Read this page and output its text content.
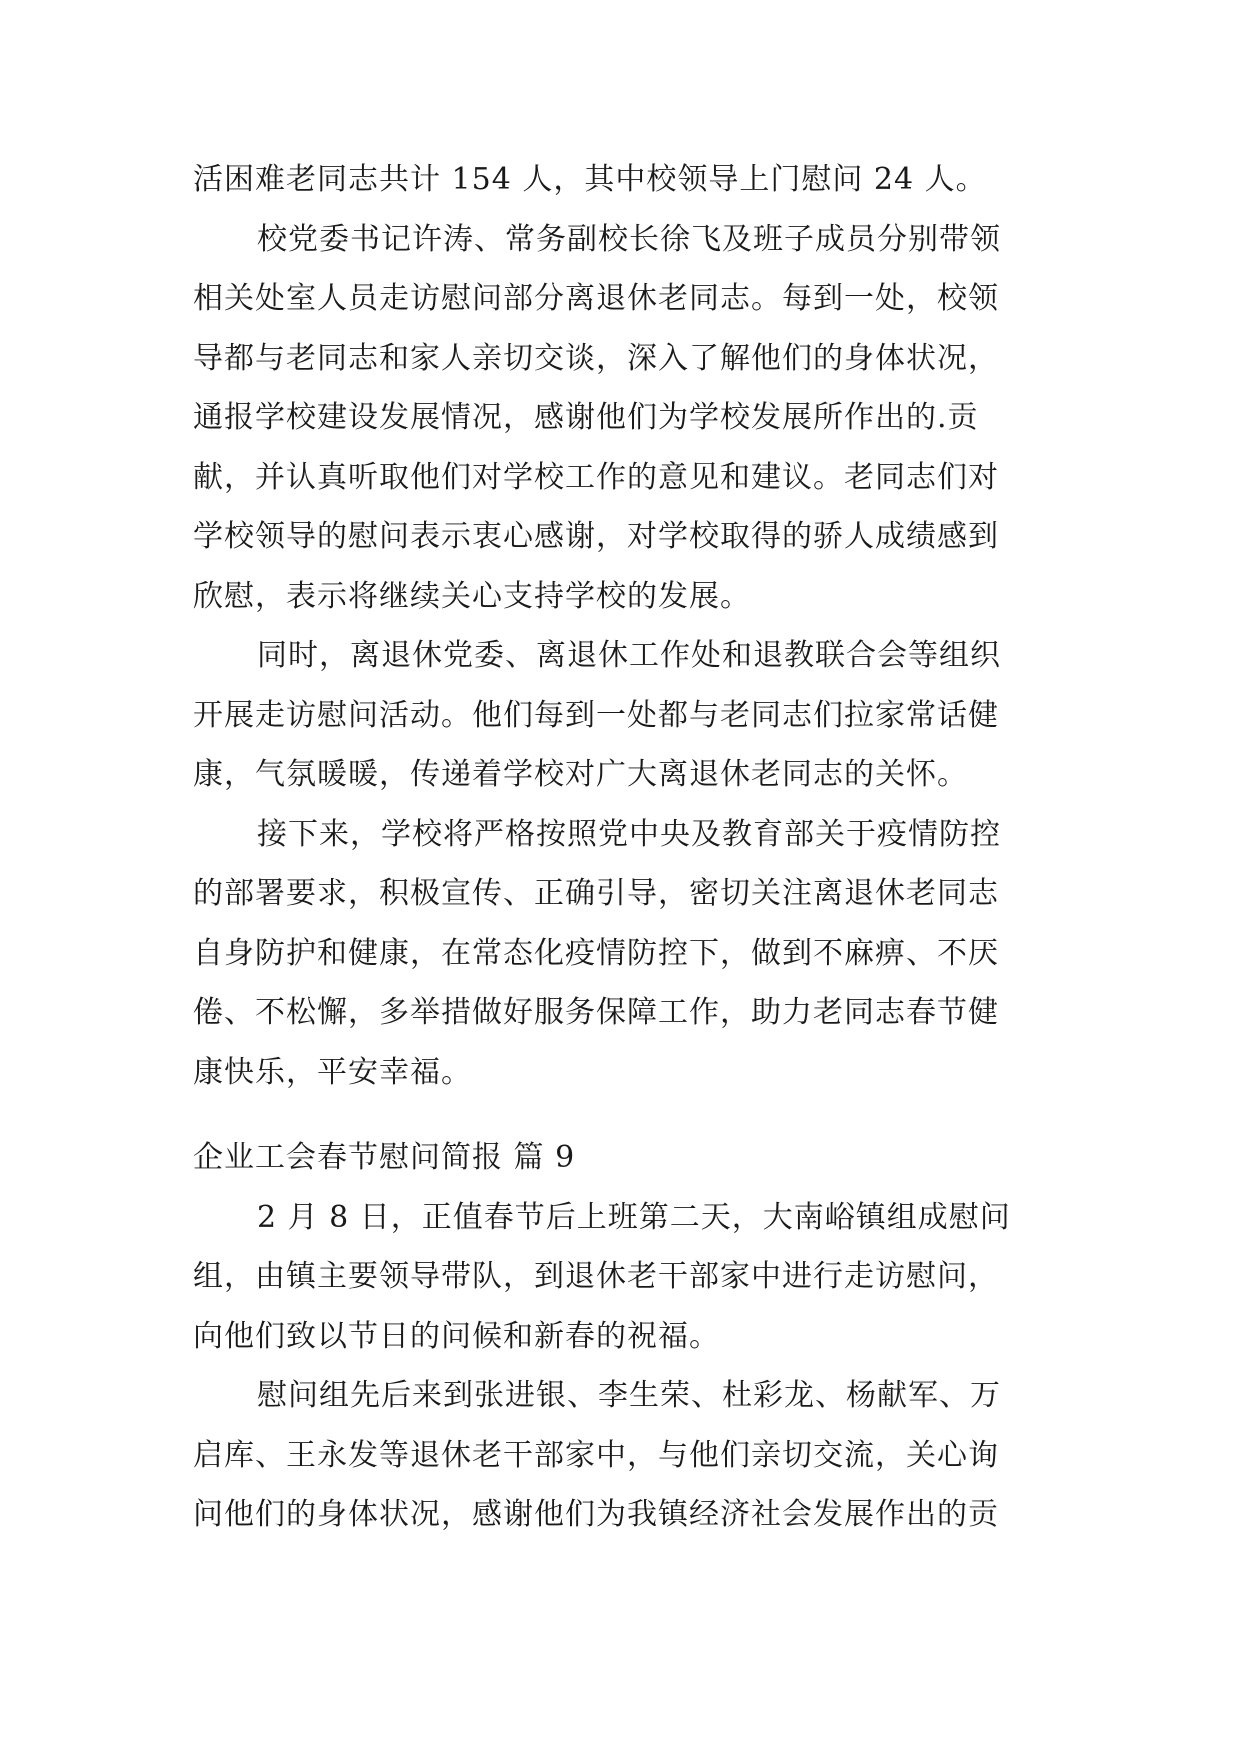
活困难老同志共计 154 人，其中校领导上门慰问 24 人。
校党委书记许涛、常务副校长徐飞及班子成员分别带领
相关处室人员走访慰问部分离退休老同志。每到一处，校领
导都与老同志和家人亲切交谈，深入了解他们的身体状况，
通报学校建设发展情况，感谢他们为学校发展所作出的.贡
献，并认真听取他们对学校工作的意见和建议。老同志们对
学校领导的慰问表示衷心感谢，对学校取得的骄人成绩感到
欣慰，表示将继续关心支持学校的发展。
同时，离退休党委、离退休工作处和退教联合会等组织
开展走访慰问活动。他们每到一处都与老同志们拉家常话健
康，气氛暖暖，传递着学校对广大离退休老同志的关怀。
接下来，学校将严格按照党中央及教育部关于疫情防控
的部署要求，积极宣传、正确引导，密切关注离退休老同志
自身防护和健康，在常态化疫情防控下，做到不麻痹、不厌
倦、不松懈，多举措做好服务保障工作，助力老同志春节健
康快乐，平安幸福。
企业工会春节慰问简报 篇 9
2 月 8 日，正值春节后上班第二天，大南峪镇组成慰问
组，由镇主要领导带队，到退休老干部家中进行走访慰问，
向他们致以节日的问候和新春的祝福。
慰问组先后来到张进银、李生荣、杜彩龙、杨献军、万
启库、王永发等退休老干部家中，与他们亲切交流，关心询
问他们的身体状况，感谢他们为我镇经济社会发展作出的贡
